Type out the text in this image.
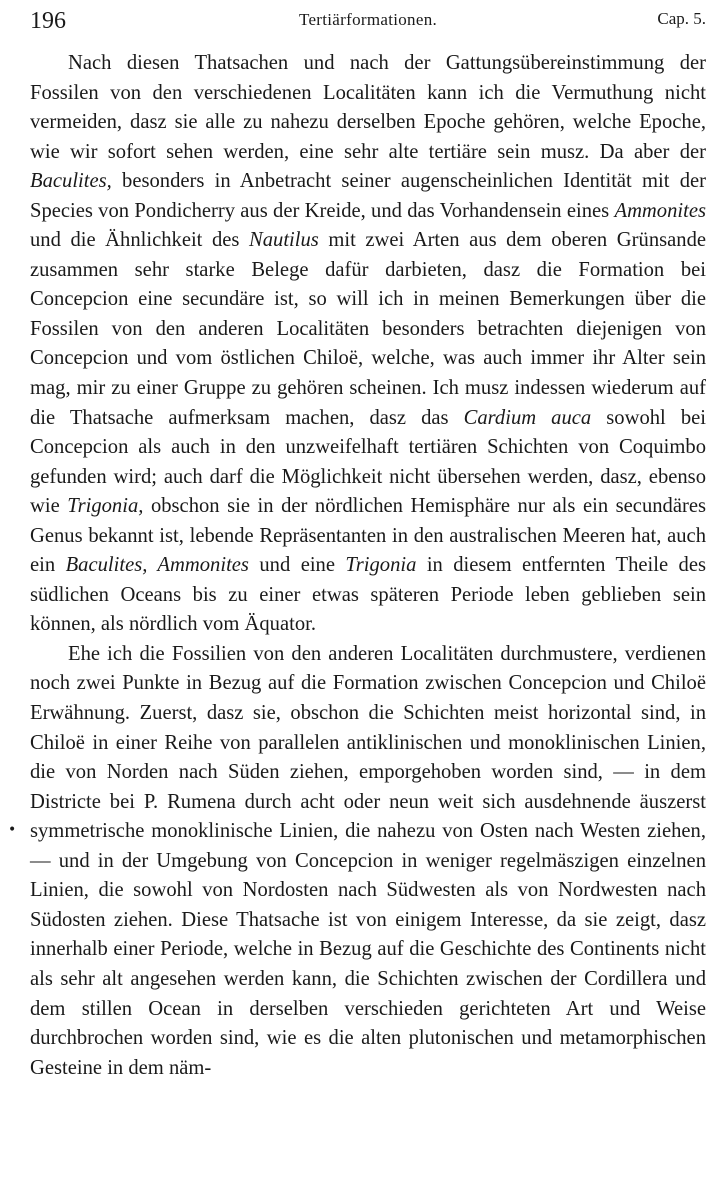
196	Tertiärformationen.	Cap. 5.
•

Nach diesen Thatsachen und nach der Gattungsübereinstimmung der Fossilen von den verschiedenen Localitäten kann ich die Vermuthung nicht vermeiden, dasz sie alle zu nahezu derselben Epoche gehören, welche Epoche, wie wir sofort sehen werden, eine sehr alte tertiäre sein musz. Da aber der Baculites, besonders in Anbetracht seiner augenscheinlichen Identität mit der Species von Pondicherry aus der Kreide, und das Vorhandensein eines Ammonites und die Ähnlichkeit des Nautilus mit zwei Arten aus dem oberen Grünsande zusammen sehr starke Belege dafür darbieten, dasz die Formation bei Concepcion eine secundäre ist, so will ich in meinen Bemerkungen über die Fossilen von den anderen Localitäten besonders betrachten diejenigen von Concepcion und vom östlichen Chiloë, welche, was auch immer ihr Alter sein mag, mir zu einer Gruppe zu gehören scheinen. Ich musz indessen wiederum auf die Thatsache aufmerksam machen, dasz das Cardium auca sowohl bei Concepcion als auch in den unzweifelhaft tertiären Schichten von Coquimbo gefunden wird; auch darf die Möglichkeit nicht übersehen werden, dasz, ebenso wie Trigonia, obschon sie in der nördlichen Hemisphäre nur als ein secundäres Genus bekannt ist, lebende Repräsentanten in den australischen Meeren hat, auch ein Baculites, Ammonites und eine Trigonia in diesem entfernten Theile des südlichen Oceans bis zu einer etwas späteren Periode leben geblieben sein können, als nördlich vom Äquator.

Ehe ich die Fossilien von den anderen Localitäten durchmustere, verdienen noch zwei Punkte in Bezug auf die Formation zwischen Concepcion und Chiloë Erwähnung. Zuerst, dasz sie, obschon die Schichten meist horizontal sind, in Chiloë in einer Reihe von parallelen antiklinischen und monoklinischen Linien, die von Norden nach Süden ziehen, emporgehoben worden sind, — in dem Districte bei P. Rumena durch acht oder neun weit sich ausdehnende äuszerst symmetrische monoklinische Linien, die nahezu von Osten nach Westen ziehen, — und in der Umgebung von Concepcion in weniger regelmäszigen einzelnen Linien, die sowohl von Nordosten nach Südwesten als von Nordwesten nach Südosten ziehen. Diese Thatsache ist von einigem Interesse, da sie zeigt, dasz innerhalb einer Periode, welche in Bezug auf die Geschichte des Continents nicht als sehr alt angesehen werden kann, die Schichten zwischen der Cordillera und dem stillen Ocean in derselben verschieden gerichteten Art und Weise durchbrochen worden sind, wie es die alten plutonischen und metamorphischen Gesteine in dem näm-
